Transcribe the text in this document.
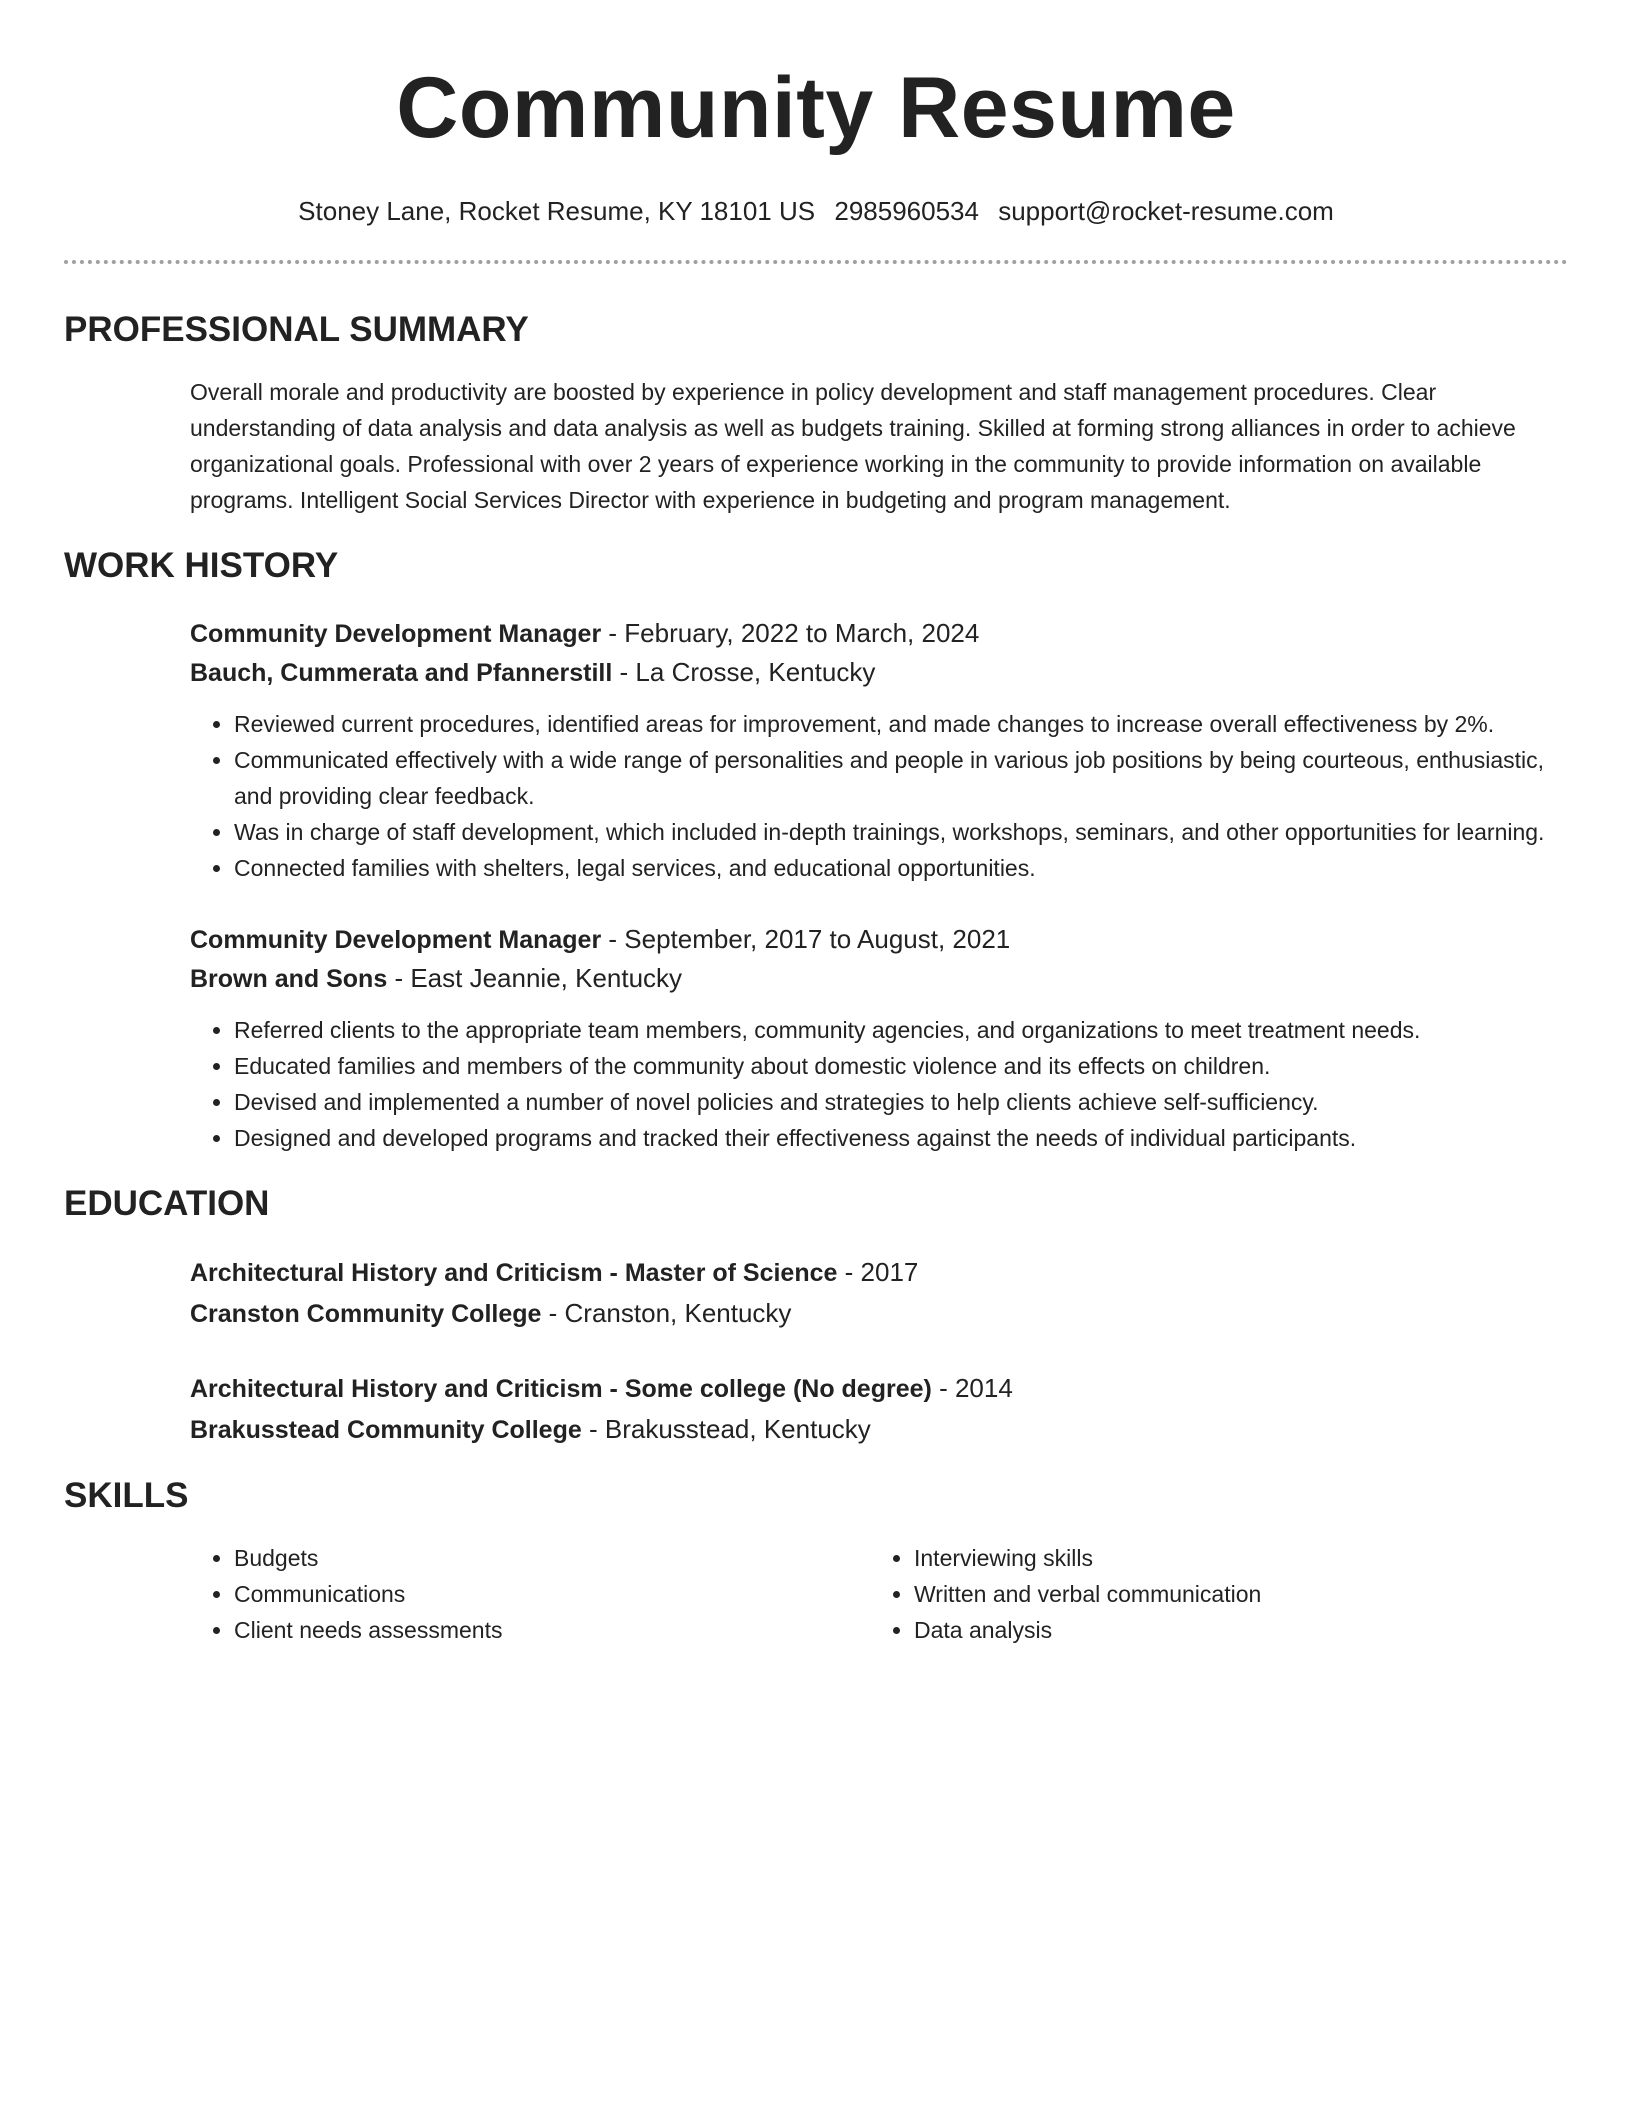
Community Resume
Stoney Lane, Rocket Resume, KY 18101 US 2985960534 support@rocket-resume.com
PROFESSIONAL SUMMARY
Overall morale and productivity are boosted by experience in policy development and staff management procedures. Clear understanding of data analysis and data analysis as well as budgets training. Skilled at forming strong alliances in order to achieve organizational goals. Professional with over 2 years of experience working in the community to provide information on available programs. Intelligent Social Services Director with experience in budgeting and program management.
WORK HISTORY
Community Development Manager - February, 2022 to March, 2024
Bauch, Cummerata and Pfannerstill - La Crosse, Kentucky
• Reviewed current procedures, identified areas for improvement, and made changes to increase overall effectiveness by 2%.
• Communicated effectively with a wide range of personalities and people in various job positions by being courteous, enthusiastic, and providing clear feedback.
• Was in charge of staff development, which included in-depth trainings, workshops, seminars, and other opportunities for learning.
• Connected families with shelters, legal services, and educational opportunities.
Community Development Manager - September, 2017 to August, 2021
Brown and Sons - East Jeannie, Kentucky
• Referred clients to the appropriate team members, community agencies, and organizations to meet treatment needs.
• Educated families and members of the community about domestic violence and its effects on children.
• Devised and implemented a number of novel policies and strategies to help clients achieve self-sufficiency.
• Designed and developed programs and tracked their effectiveness against the needs of individual participants.
EDUCATION
Architectural History and Criticism - Master of Science - 2017
Cranston Community College - Cranston, Kentucky
Architectural History and Criticism - Some college (No degree) - 2014
Brakusstead Community College - Brakusstead, Kentucky
SKILLS
• Budgets
• Communications
• Client needs assessments
• Interviewing skills
• Written and verbal communication
• Data analysis
